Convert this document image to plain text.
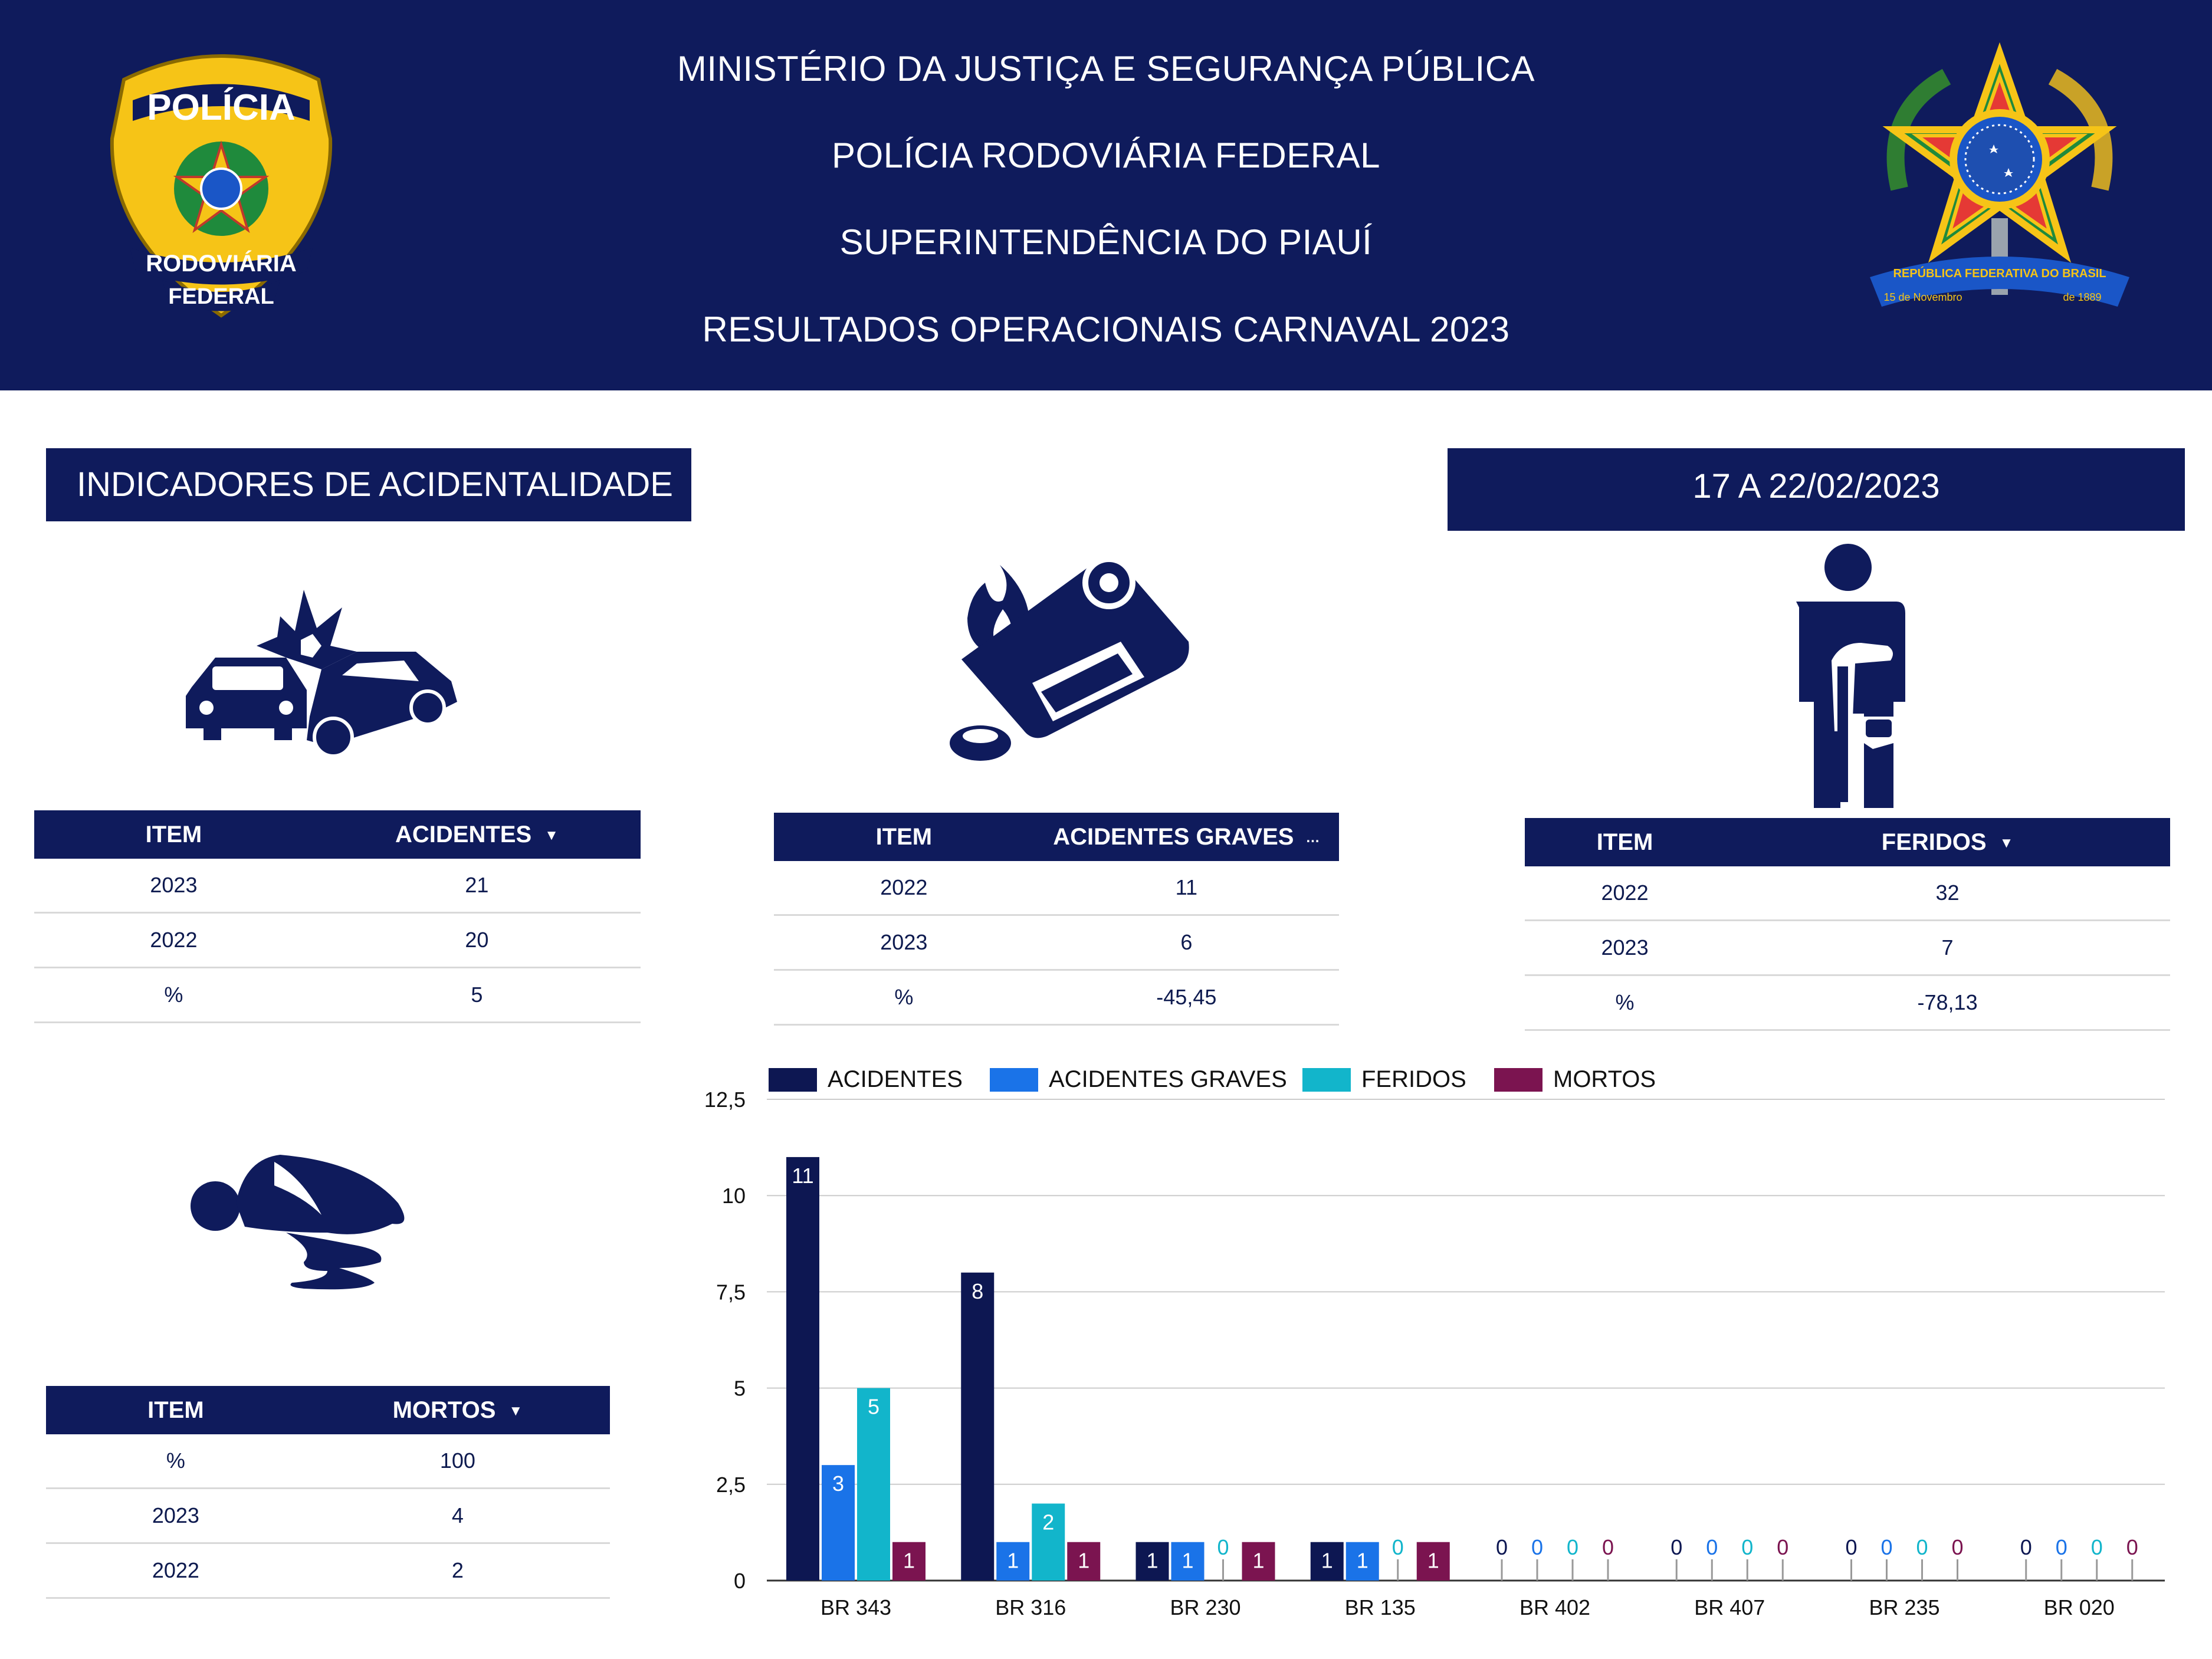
POLÍCIA
RODOVIÁRIA
FEDERAL
MINISTÉRIO DA JUSTIÇA E SEGURANÇA PÚBLICA
POLÍCIA RODOVIÁRIA FEDERAL
SUPERINTENDÊNCIA DO PIAUÍ
RESULTADOS OPERACIONAIS CARNAVAL 2023
REPÚBLICA FEDERATIVA DO BRASIL
15 de Novembro	de 1889
INDICADORES DE ACIDENTALIDADE	17 A 22/02/2023
ITEM	ACIDENTES ▼
2023	21
2022	20
%	5
ITEM	ACIDENTES GRAVES …
2022	11
2023	6
%	-45,45
ITEM	FERIDOS ▼
2022	32
2023	7
%	-78,13
ITEM	MORTOS ▼
%	100
2023	4
2022	2
ACIDENTES	ACIDENTES GRAVES	FERIDOS	MORTOS
0
2,5
5
7,5
10
12,5
11
3
5
1
BR 343
8
1
2
1
BR 316
1 1
0
1
BR 230
1 1
0
1
BR 135
0 0 0 0
BR 402
0 0 0 0
BR 407
0 0 0 0
BR 235
0 0 0 0
BR 020
